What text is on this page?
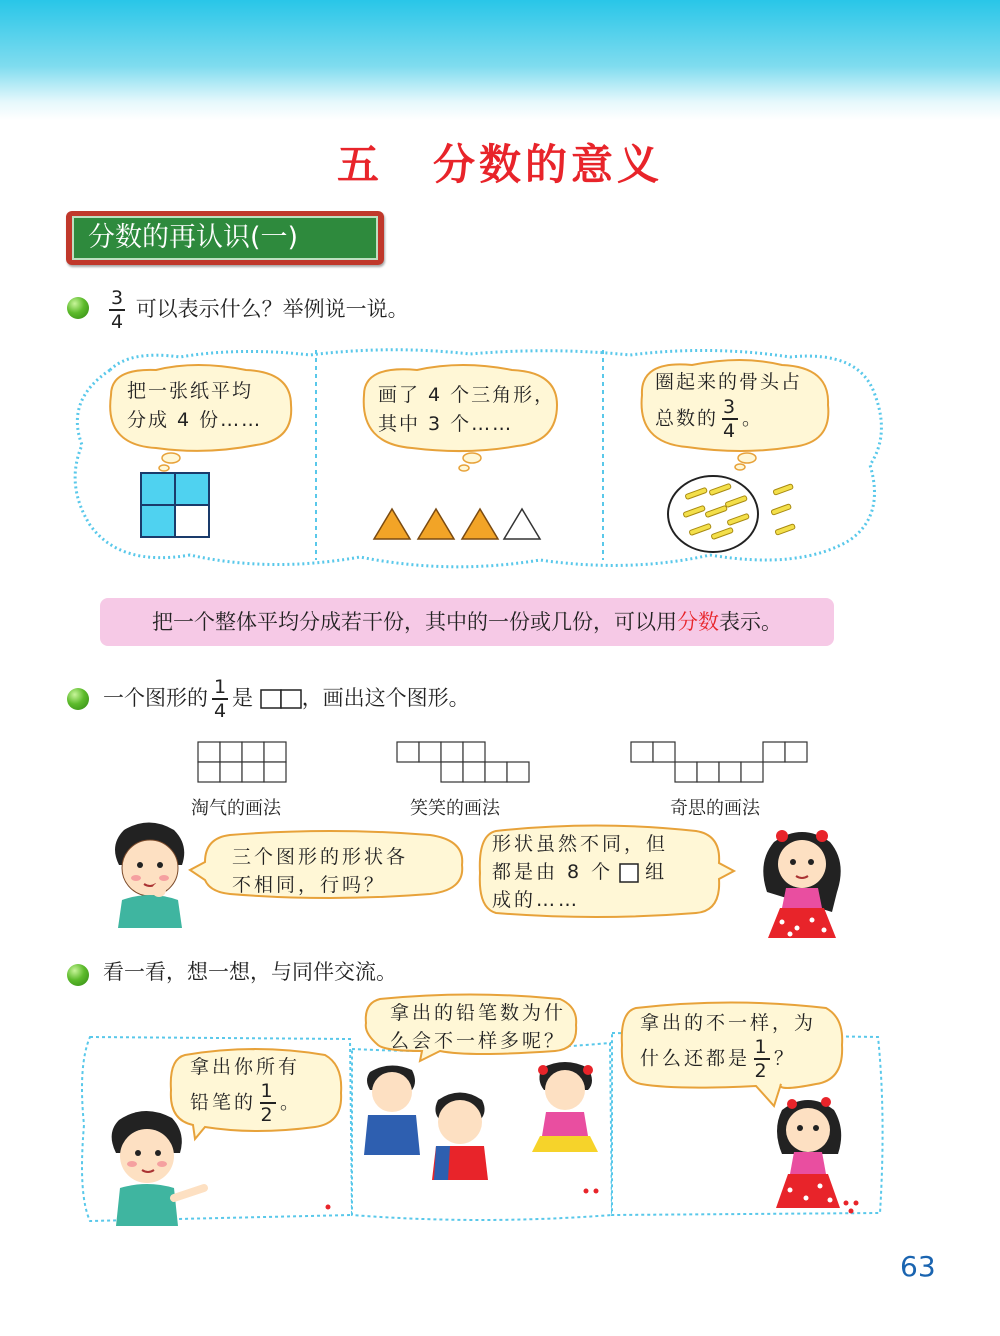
五 分数的意义
分数的再认识(一)
$\frac{3}{4}$ 可以表示什么？举例说一说。
把一张纸平均
分成 4 份……
画了 4 个三角形，
其中 3 个……
圈起来的骨头占
总数的 $\frac{3}{4}$ 。
把一个整体平均分成若干份，其中的一份或几份，可以用分数表示。
一个图形的 $\frac{1}{4}$ 是 ，画出这个图形。
淘气的画法	笑笑的画法	奇思的画法
三个图形的形状各
不相同，行吗？
形状虽然不同，但
都是由 8 个 组
成的……
看一看，想一想，与同伴交流。
拿出你所有
铅笔的 $\frac{1}{2}$ 。
拿出的铅笔数为什
么会不一样多呢？
拿出的不一样，为
什么还都是 $\frac{1}{2}$ ？
63
